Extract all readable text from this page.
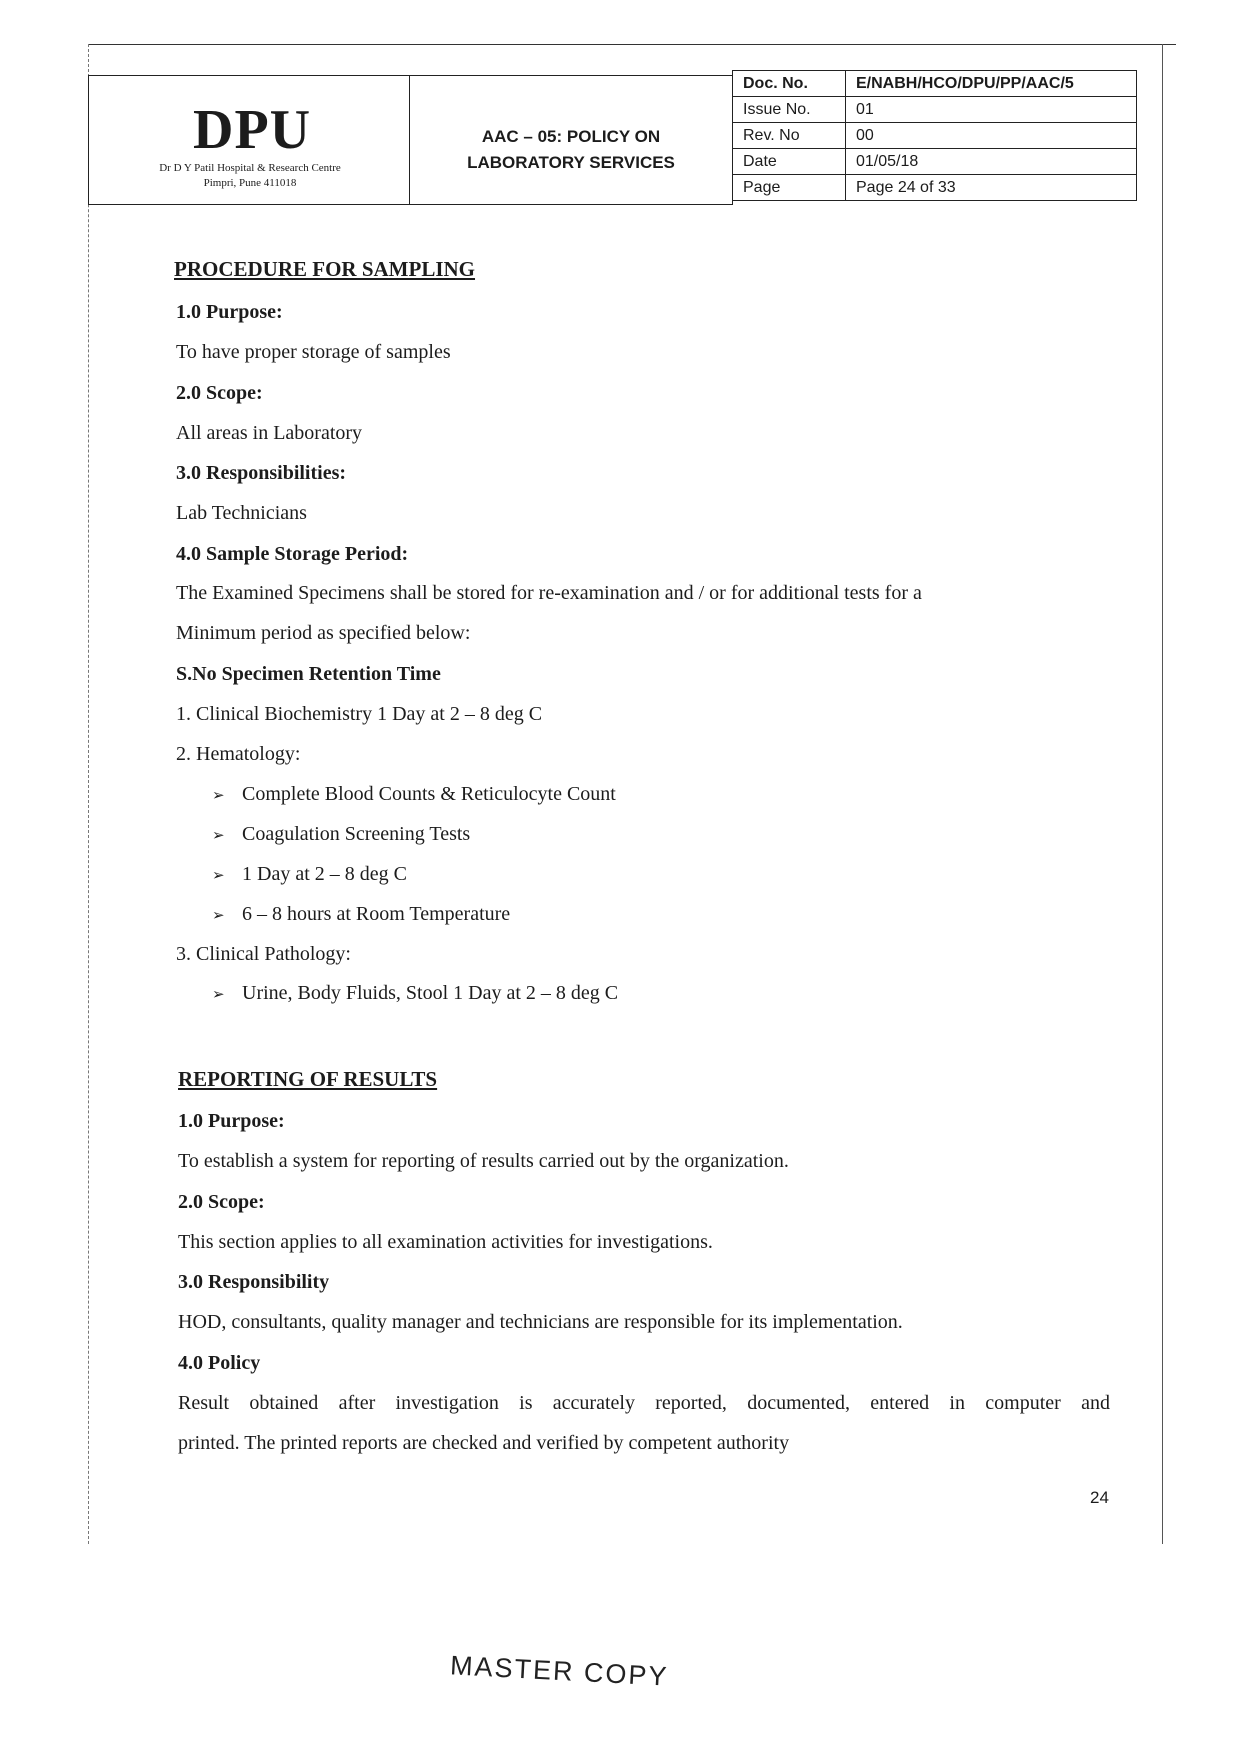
DPU
Dr D Y Patil Hospital & Research Centre
Pimpri, Pune 411018
AAC – 05: POLICY ON
LABORATORY SERVICES
Doc. No.	E/NABH/HCO/DPU/PP/AAC/5
Issue No.	01
Rev. No	00
Date	01/05/18
Page	Page 24 of 33
PROCEDURE FOR SAMPLING
1.0 Purpose:
To have proper storage of samples
2.0 Scope:
All areas in Laboratory
3.0 Responsibilities:
Lab Technicians
4.0 Sample Storage Period:
The Examined Specimens shall be stored for re-examination and / or for additional tests for a
Minimum period as specified below:
S.No Specimen Retention Time
1. Clinical Biochemistry 1 Day at 2 – 8 deg C
2. Hematology:
➢ Complete Blood Counts & Reticulocyte Count
➢ Coagulation Screening Tests
➢ 1 Day at 2 – 8 deg C
➢ 6 – 8 hours at Room Temperature
3. Clinical Pathology:
➢ Urine, Body Fluids, Stool 1 Day at 2 – 8 deg C
REPORTING OF RESULTS
1.0 Purpose:
To establish a system for reporting of results carried out by the organization.
2.0 Scope:
This section applies to all examination activities for investigations.
3.0 Responsibility
HOD, consultants, quality manager and technicians are responsible for its implementation.
4.0 Policy
Result obtained after investigation is accurately reported, documented, entered in computer and
printed. The printed reports are checked and verified by competent authority
24
MASTER COPY
